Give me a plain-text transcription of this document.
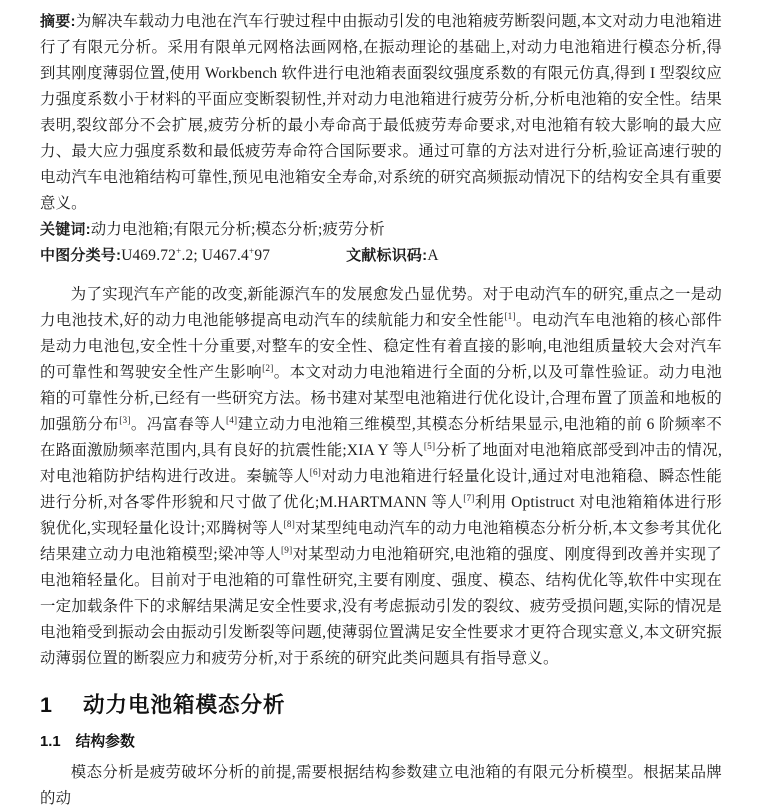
摘要:为解决车载动力电池在汽车行驶过程中由振动引发的电池箱疲劳断裂问题,本文对动力电池箱进行了有限元分析。采用有限单元网格法画网格,在振动理论的基础上,对动力电池箱进行模态分析,得到其刚度薄弱位置,使用 Workbench 软件进行电池箱表面裂纹强度系数的有限元仿真,得到 I 型裂纹应力强度系数小于材料的平面应变断裂韧性,并对动力电池箱进行疲劳分析,分析电池箱的安全性。结果表明,裂纹部分不会扩展,疲劳分析的最小寿命高于最低疲劳寿命要求,对电池箱有较大影响的最大应力、最大应力强度系数和最低疲劳寿命符合国际要求。通过可靠的方法对进行分析,验证高速行驶的电动汽车电池箱结构可靠性,预见电池箱安全寿命,对系统的研究高频振动情况下的结构安全具有重要意义。

关键词:动力电池箱;有限元分析;模态分析;疲劳分析

中图分类号:U469.72+.2; U467.4+97	文献标识码:A

为了实现汽车产能的改变,新能源汽车的发展愈发凸显优势。对于电动汽车的研究,重点之一是动力电池技术,好的动力电池能够提高电动汽车的续航能力和安全性能[1]。电动汽车电池箱的核心部件是动力电池包,安全性十分重要,对整车的安全性、稳定性有着直接的影响,电池组质量较大会对汽车的可靠性和驾驶安全性产生影响[2]。本文对动力电池箱进行全面的分析,以及可靠性验证。动力电池箱的可靠性分析,已经有一些研究方法。杨书建对某型电池箱进行优化设计,合理布置了顶盖和地板的加强筋分布[3]。冯富春等人[4]建立动力电池箱三维模型,其模态分析结果显示,电池箱的前 6 阶频率不在路面激励频率范围内,具有良好的抗震性能;XIA Y 等人[5]分析了地面对电池箱底部受到冲击的情况,对电池箱防护结构进行改进。秦毓等人[6]对动力电池箱进行轻量化设计,通过对电池箱稳、瞬态性能进行分析,对各零件形貌和尺寸做了优化;M.HARTMANN 等人[7]利用 Optistruct 对电池箱箱体进行形貌优化,实现轻量化设计;邓腾树等人[8]对某型纯电动汽车的动力电池箱模态分析分析,本文参考其优化结果建立动力电池箱模型;梁冲等人[9]对某型动力电池箱研究,电池箱的强度、刚度得到改善并实现了电池箱轻量化。目前对于电池箱的可靠性研究,主要有刚度、强度、模态、结构优化等,软件中实现在一定加载条件下的求解结果满足安全性要求,没有考虑振动引发的裂纹、疲劳受损问题,实际的情况是电池箱受到振动会由振动引发断裂等问题,使薄弱位置满足安全性要求才更符合现实意义,本文研究振动薄弱位置的断裂应力和疲劳分析,对于系统的研究此类问题具有指导意义。

1 动力电池箱模态分析
1.1 结构参数

模态分析是疲劳破坏分析的前提,需要根据结构参数建立电池箱的有限元分析模型。根据某品牌的动
